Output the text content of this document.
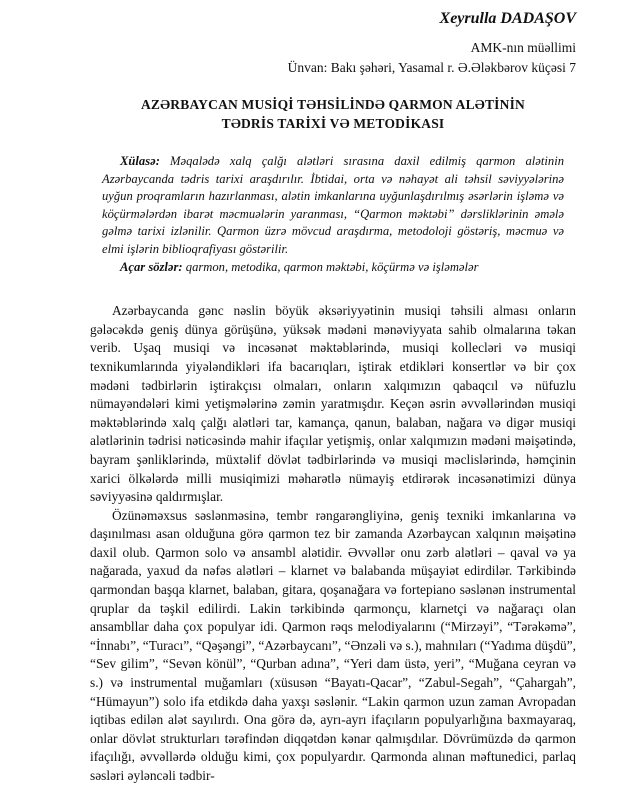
Xeyrulla DADAŞOV

AMK-nın müəllimi
Ünvan: Bakı şəhəri, Yasamal r. Ə.Ələkbərov küçəsi 7
AZƏRBAYCAN MUSİQİ TƏHSİLİNDƏ QARMON ALƏTİNİN
TƏDRİS TARİXİ VƏ METODİKASI
Xülasə: Məqalədə xalq çalğı alətləri sırasına daxil edilmiş qarmon alətinin Azərbaycanda tədris tarixi araşdırılır. İbtidai, orta və nəhayət ali təhsil səviyyələrinə uyğun proqramların hazırlanması, alətin imkanlarına uyğunlaşdırılmış əsərlərin işləmə və köçürmələrdən ibarət məcmuələrin yaranması, “Qarmon məktəbi” dərsliklərinin əmələ gəlmə tarixi izlənilir. Qarmon üzrə mövcud araşdırma, metodoloji göstəriş, məcmuə və elmi işlərin biblioqrafiyası göstərilir.
Açar sözlər: qarmon, metodika, qarmon məktəbi, köçürmə və işləmələr

Azərbaycanda gənc nəslin böyük əksəriyyətinin musiqi təhsili alması onların gələcəkdə geniş dünya görüşünə, yüksək mədəni mənəviyyata sahib olmalarına təkan verib. Uşaq musiqi və incəsənət məktəblərində, musiqi kollecləri və musiqi texnikumlarında yiyələndikləri ifa bacarıqları, iştirak etdikləri konsertlər və bir çox mədəni tədbirlərin iştirakçısı olmaları, onların xalqımızın qabaqcıl və nüfuzlu nümayəndələri kimi yetişmələrinə zəmin yaratmışdır. Keçən əsrin əvvəllərindən musiqi məktəblərində xalq çalğı alətləri tar, kamança, qanun, balaban, nağara və digər musiqi alətlərinin tədrisi nəticəsində mahir ifaçılar yetişmiş, onlar xalqımızın mədəni məişətində, bayram şənliklərində, müxtəlif dövlət tədbirlərində və musiqi məclislərində, həmçinin xarici ölkələrdə milli musiqimizi məharətlə nümayiş etdirərək incəsənətimizi dünya səviyyəsinə qaldırmışlar.

Özünəməxsus səslənməsinə, tembr rəngarəngliyinə, geniş texniki imkanlarına və daşınılması asan olduğuna görə qarmon tez bir zamanda Azərbaycan xalqının məişətinə daxil olub. Qarmon solo və ansambl alətidir. Əvvəllər onu zərb alətləri – qaval və ya nağarada, yaxud da nəfəs alətləri – klarnet və balabanda müşayiət edirdilər. Tərkibində qarmondan başqa klarnet, balaban, gitara, qoşanağara və fortepiano səslənən instrumental qruplar da təşkil edilirdi. Lakin tərkibində qarmonçu, klarnetçi və nağaraçı olan ansambllar daha çox populyar idi. Qarmon rəqs melodiyalarını (“Mirzəyi”, “Tərəkəmə”, “İnnabı”, “Turacı”, “Qəşəngi”, “Azərbaycanı”, “Ənzəli və s.), mahnıları (“Yadıma düşdü”, “Sev gilim”, “Sevən könül”, “Qurban adına”, “Yeri dam üstə, yeri”, “Muğana ceyran və s.) və instrumental muğamları (xüsusən “Bayatı-Qacar”, “Zabul-Segah”, “Çahargah”, “Hümayun”) solo ifa etdikdə daha yaxşı səslənir. “Lakin qarmon uzun zaman Avropadan iqtibas edilən alət sayılırdı. Ona görə də, ayrı-ayrı ifaçıların populyarlığına baxmayaraq, onlar dövlət strukturları tərəfindən diqqətdən kənar qalmışdılar. Dövrümüzdə də qarmon ifaçılığı, əvvəllərdə olduğu kimi, çox populyardır. Qarmonda alınan məftunedici, parlaq səsləri əyləncəli tədbir-
